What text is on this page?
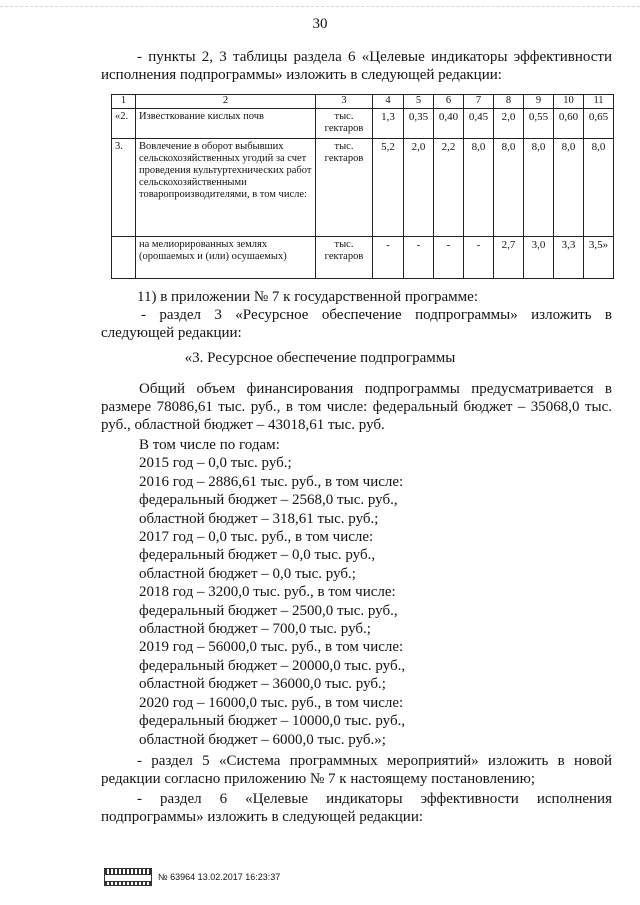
30
- пункты 2, 3 таблицы раздела 6 «Целевые индикаторы эффективности исполнения подпрограммы» изложить в следующей редакции:
1	2	3	4	5	6	7	8	9	10	11
«2.	Известкование кислых почв	тыс. гектаров	1,3	0,35	0,40	0,45	2,0	0,55	0,60	0,65
3.	Вовлечение в оборот выбывших сельскохозяйственных угодий за счет проведения культуртехнических работ сельскохозяйственными товаропроизводителями, в том числе:	тыс. гектаров	5,2	2,0	2,2	8,0	8,0	8,0	8,0	8,0
	на мелиорированных землях (орошаемых и (или) осушаемых)	тыс. гектаров	-	-	-	-	2,7	3,0	3,3	3,5»
11) в приложении № 7 к государственной программе:
- раздел 3 «Ресурсное обеспечение подпрограммы» изложить в следующей редакции:
«3. Ресурсное обеспечение подпрограммы
Общий объем финансирования подпрограммы предусматривается в размере 78086,61 тыс. руб., в том числе: федеральный бюджет – 35068,0 тыс. руб., областной бюджет – 43018,61 тыс. руб.
В том числе по годам:
2015 год – 0,0 тыс. руб.;
2016 год – 2886,61 тыс. руб., в том числе:
федеральный бюджет – 2568,0 тыс. руб.,
областной бюджет – 318,61 тыс. руб.;
2017 год – 0,0 тыс. руб., в том числе:
федеральный бюджет – 0,0 тыс. руб.,
областной бюджет – 0,0 тыс. руб.;
2018 год – 3200,0 тыс. руб., в том числе:
федеральный бюджет – 2500,0 тыс. руб.,
областной бюджет – 700,0 тыс. руб.;
2019 год – 56000,0 тыс. руб., в том числе:
федеральный бюджет – 20000,0 тыс. руб.,
областной бюджет – 36000,0 тыс. руб.;
2020 год – 16000,0 тыс. руб., в том числе:
федеральный бюджет – 10000,0 тыс. руб.,
областной бюджет – 6000,0 тыс. руб.»;
- раздел 5 «Система программных мероприятий» изложить в новой редакции согласно приложению № 7 к настоящему постановлению;
- раздел 6 «Целевые индикаторы эффективности исполнения подпрограммы» изложить в следующей редакции:
№ 63964 13.02.2017 16:23:37
